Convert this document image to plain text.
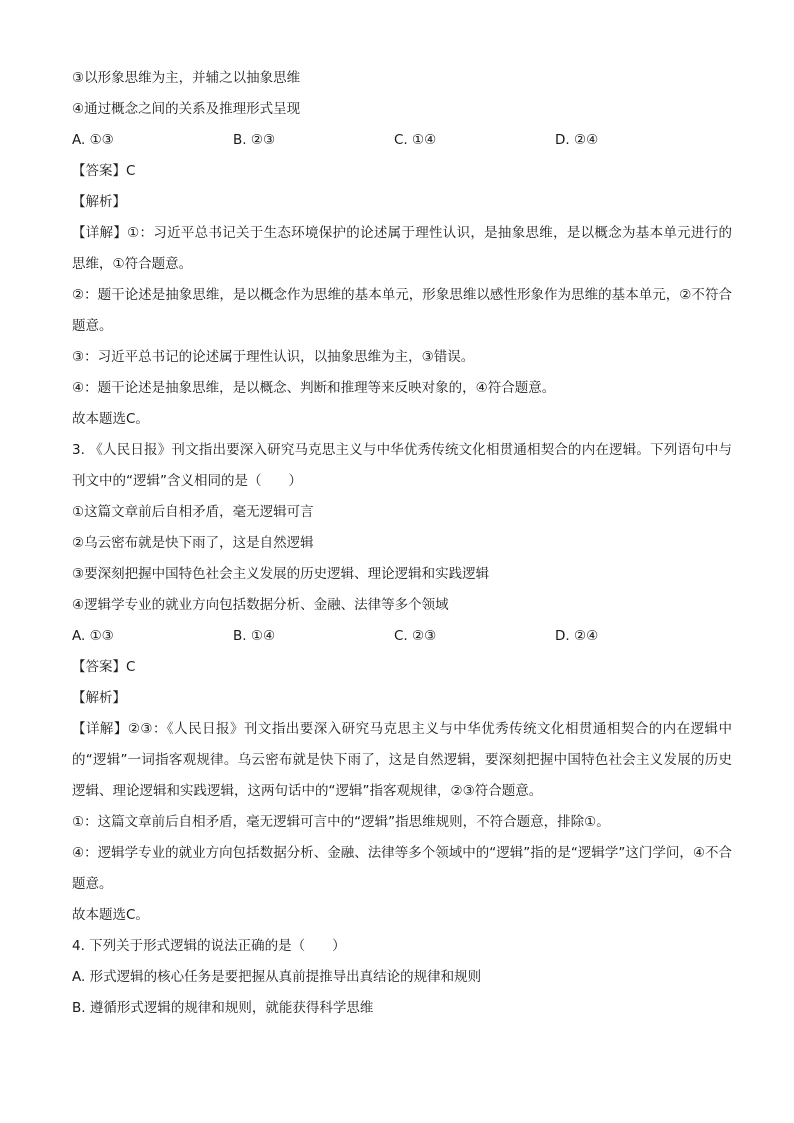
③以形象思维为主，并辅之以抽象思维
④通过概念之间的关系及推理形式呈现
A. ①③	B. ②③	C. ①④	D. ②④
【答案】C
【解析】
【详解】①：习近平总书记关于生态环境保护的论述属于理性认识，是抽象思维，是以概念为基本单元进行的思维，①符合题意。
②：题干论述是抽象思维，是以概念作为思维的基本单元，形象思维以感性形象作为思维的基本单元，②不符合题意。
③：习近平总书记的论述属于理性认识，以抽象思维为主，③错误。
④：题干论述是抽象思维，是以概念、判断和推理等来反映对象的，④符合题意。
故本题选C。
3. 《人民日报》刊文指出要深入研究马克思主义与中华优秀传统文化相贯通相契合的内在逻辑。下列语句中与刊文中的“逻辑”含义相同的是（　　）
①这篇文章前后自相矛盾，毫无逻辑可言
②乌云密布就是快下雨了，这是自然逻辑
③要深刻把握中国特色社会主义发展的历史逻辑、理论逻辑和实践逻辑
④逻辑学专业的就业方向包括数据分析、金融、法律等多个领域
A. ①③	B. ①④	C. ②③	D. ②④
【答案】C
【解析】
【详解】②③：《人民日报》刊文指出要深入研究马克思主义与中华优秀传统文化相贯通相契合的内在逻辑中的“逻辑”一词指客观规律。乌云密布就是快下雨了，这是自然逻辑，要深刻把握中国特色社会主义发展的历史逻辑、理论逻辑和实践逻辑，这两句话中的“逻辑”指客观规律，②③符合题意。
①：这篇文章前后自相矛盾，毫无逻辑可言中的“逻辑”指思维规则，不符合题意，排除①。
④：逻辑学专业的就业方向包括数据分析、金融、法律等多个领域中的“逻辑”指的是“逻辑学”这门学问，④不合题意。
故本题选C。
4. 下列关于形式逻辑的说法正确的是（　　）
A. 形式逻辑的核心任务是要把握从真前提推导出真结论的规律和规则
B. 遵循形式逻辑的规律和规则，就能获得科学思维
